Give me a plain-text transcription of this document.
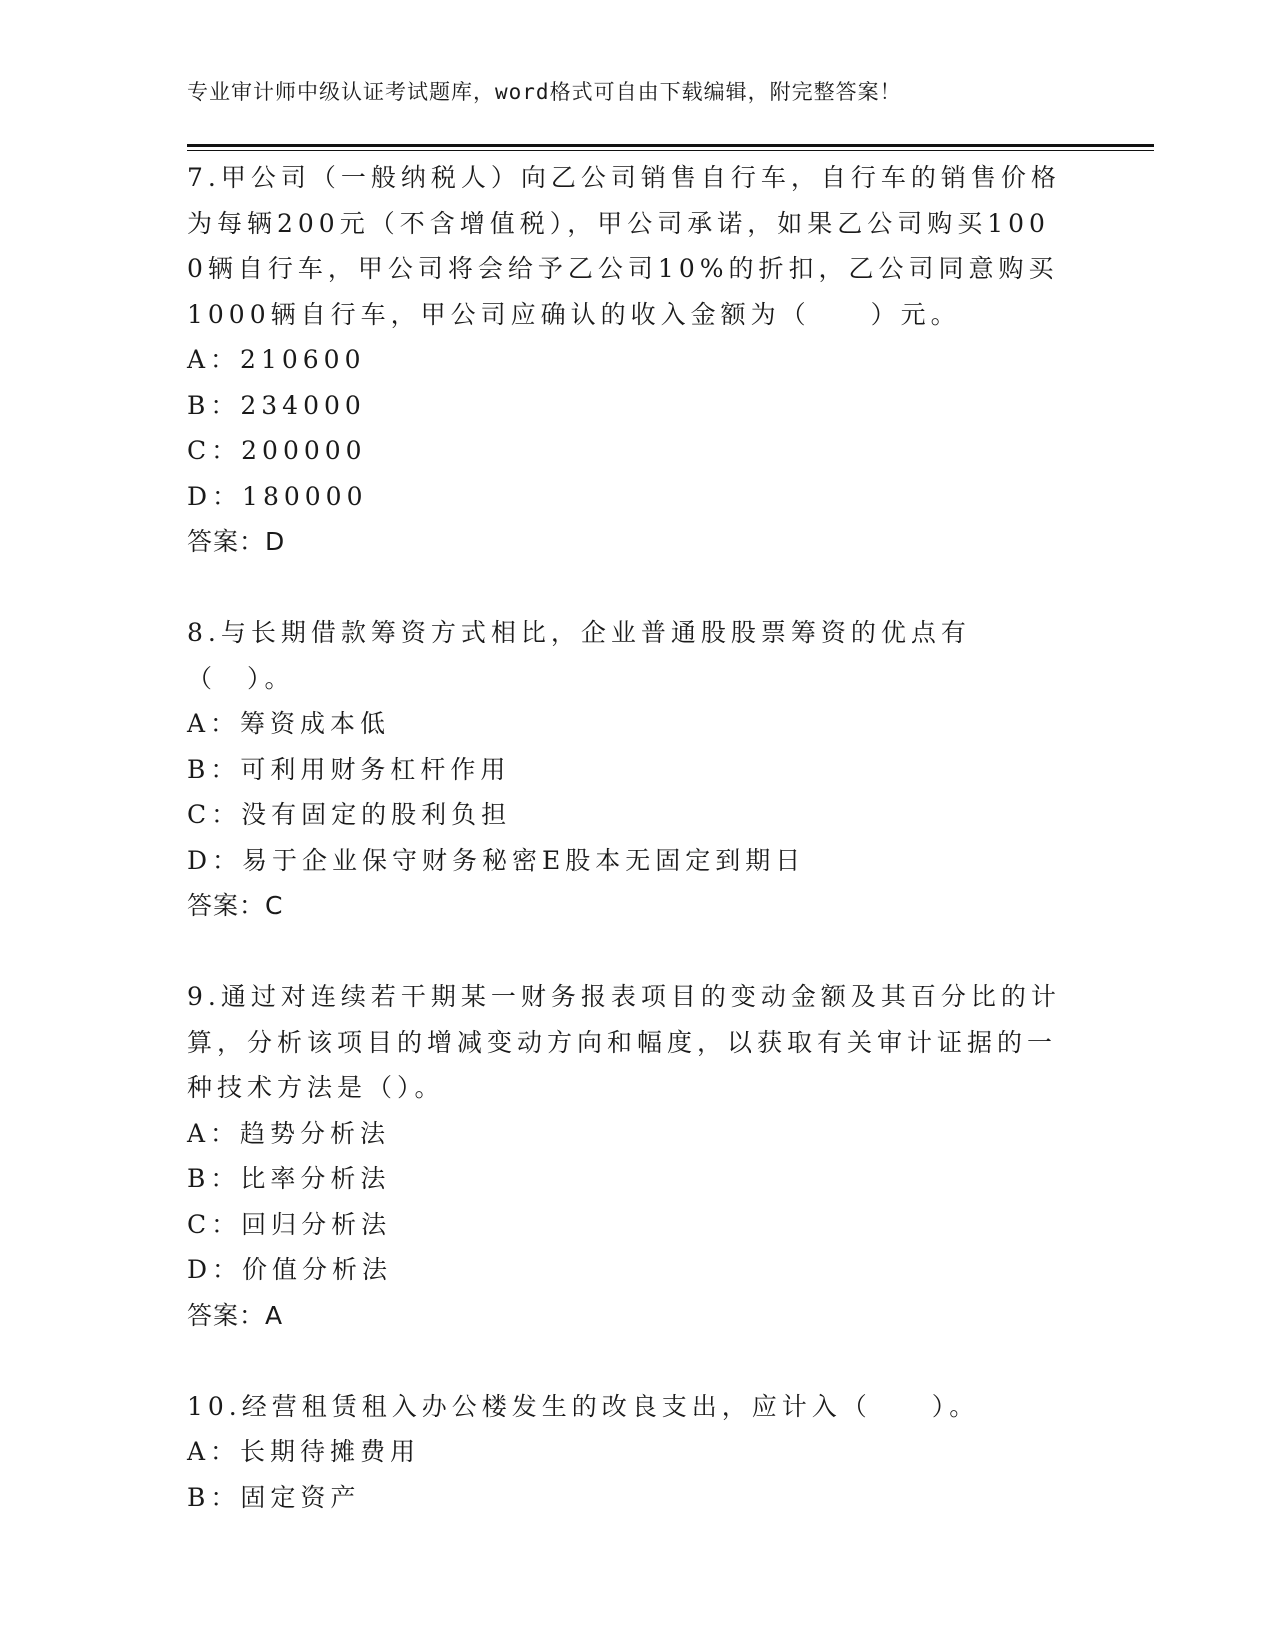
专业审计师中级认证考试题库，word格式可自由下载编辑，附完整答案！
7.甲公司（一般纳税人）向乙公司销售自行车，自行车的销售价格为每辆200元（不含增值税），甲公司承诺，如果乙公司购买1000辆自行车，甲公司将会给予乙公司10%的折扣，乙公司同意购买1000辆自行车，甲公司应确认的收入金额为（　　）元。
A：210600
B：234000
C：200000
D：180000
答案：D
8.与长期借款筹资方式相比，企业普通股股票筹资的优点有（　）。
A：筹资成本低
B：可利用财务杠杆作用
C：没有固定的股利负担
D：易于企业保守财务秘密E股本无固定到期日
答案：C
9.通过对连续若干期某一财务报表项目的变动金额及其百分比的计算，分析该项目的增减变动方向和幅度，以获取有关审计证据的一种技术方法是（）。
A：趋势分析法
B：比率分析法
C：回归分析法
D：价值分析法
答案：A
10.经营租赁租入办公楼发生的改良支出，应计入（　　）。
A：长期待摊费用
B：固定资产
